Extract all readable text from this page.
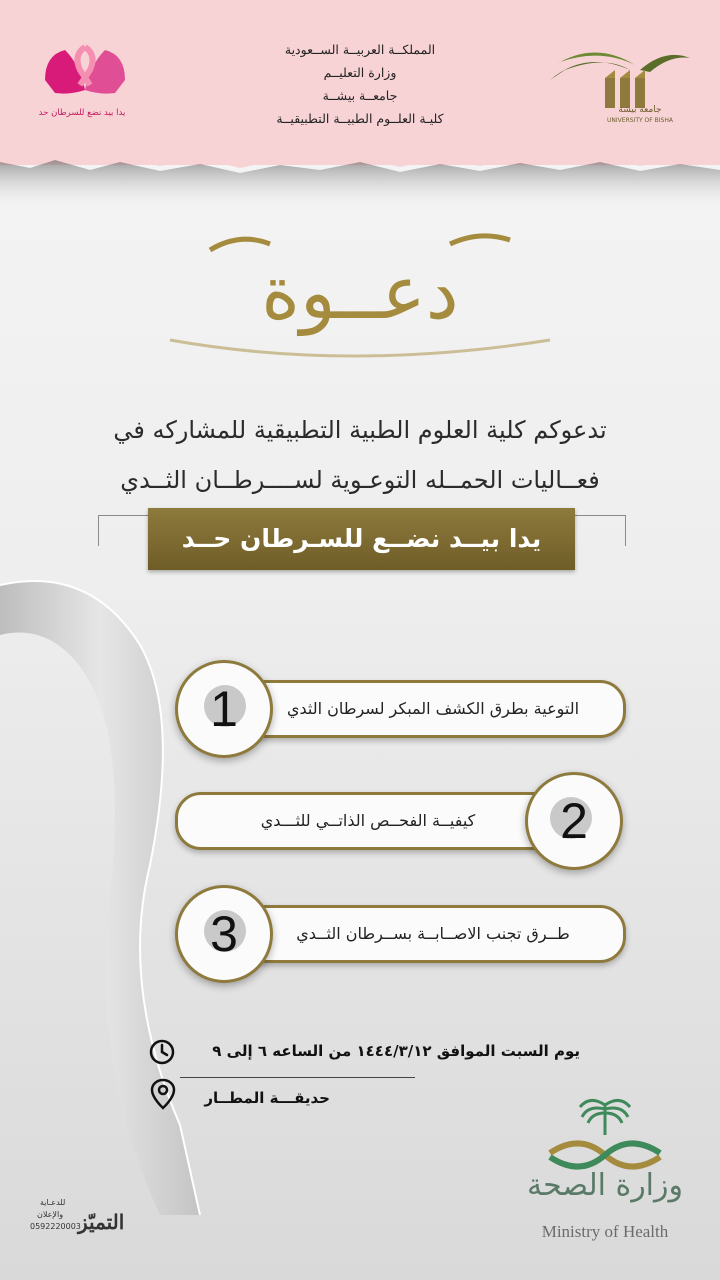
المملكــة العربيــة الســعودية
وزارة التعليــم
جامعــة بيشــة
كليـة العلــوم الطبيــة التطبيقيــة
جامعة بيشة
UNIVERSITY OF BISHA
يدا بيد نضع للسرطان حد
دعــوة
تدعوكم كلية العلوم الطبية التطبيقية للمشاركه في
فعــاليات الحمــله التوعـوية لســــرطــان الثــدي
يدا بيــد نضــع للسـرطان حــد
التوعية بطرق الكشف المبكر لسرطان الثدي
1
كيفيــة الفحــص الذاتــي للثـــدي	2
طــرق تجنب الاصــابــة بســرطان الثــدي
3
يوم السبت الموافق ١٤٤٤/٣/١٢ من الساعه ٦ إلى ٩
حديقـــة المطــار
وزارة الصحة
Ministry of Health
التميّز
للدعـاية
والإعلان
0592220003
